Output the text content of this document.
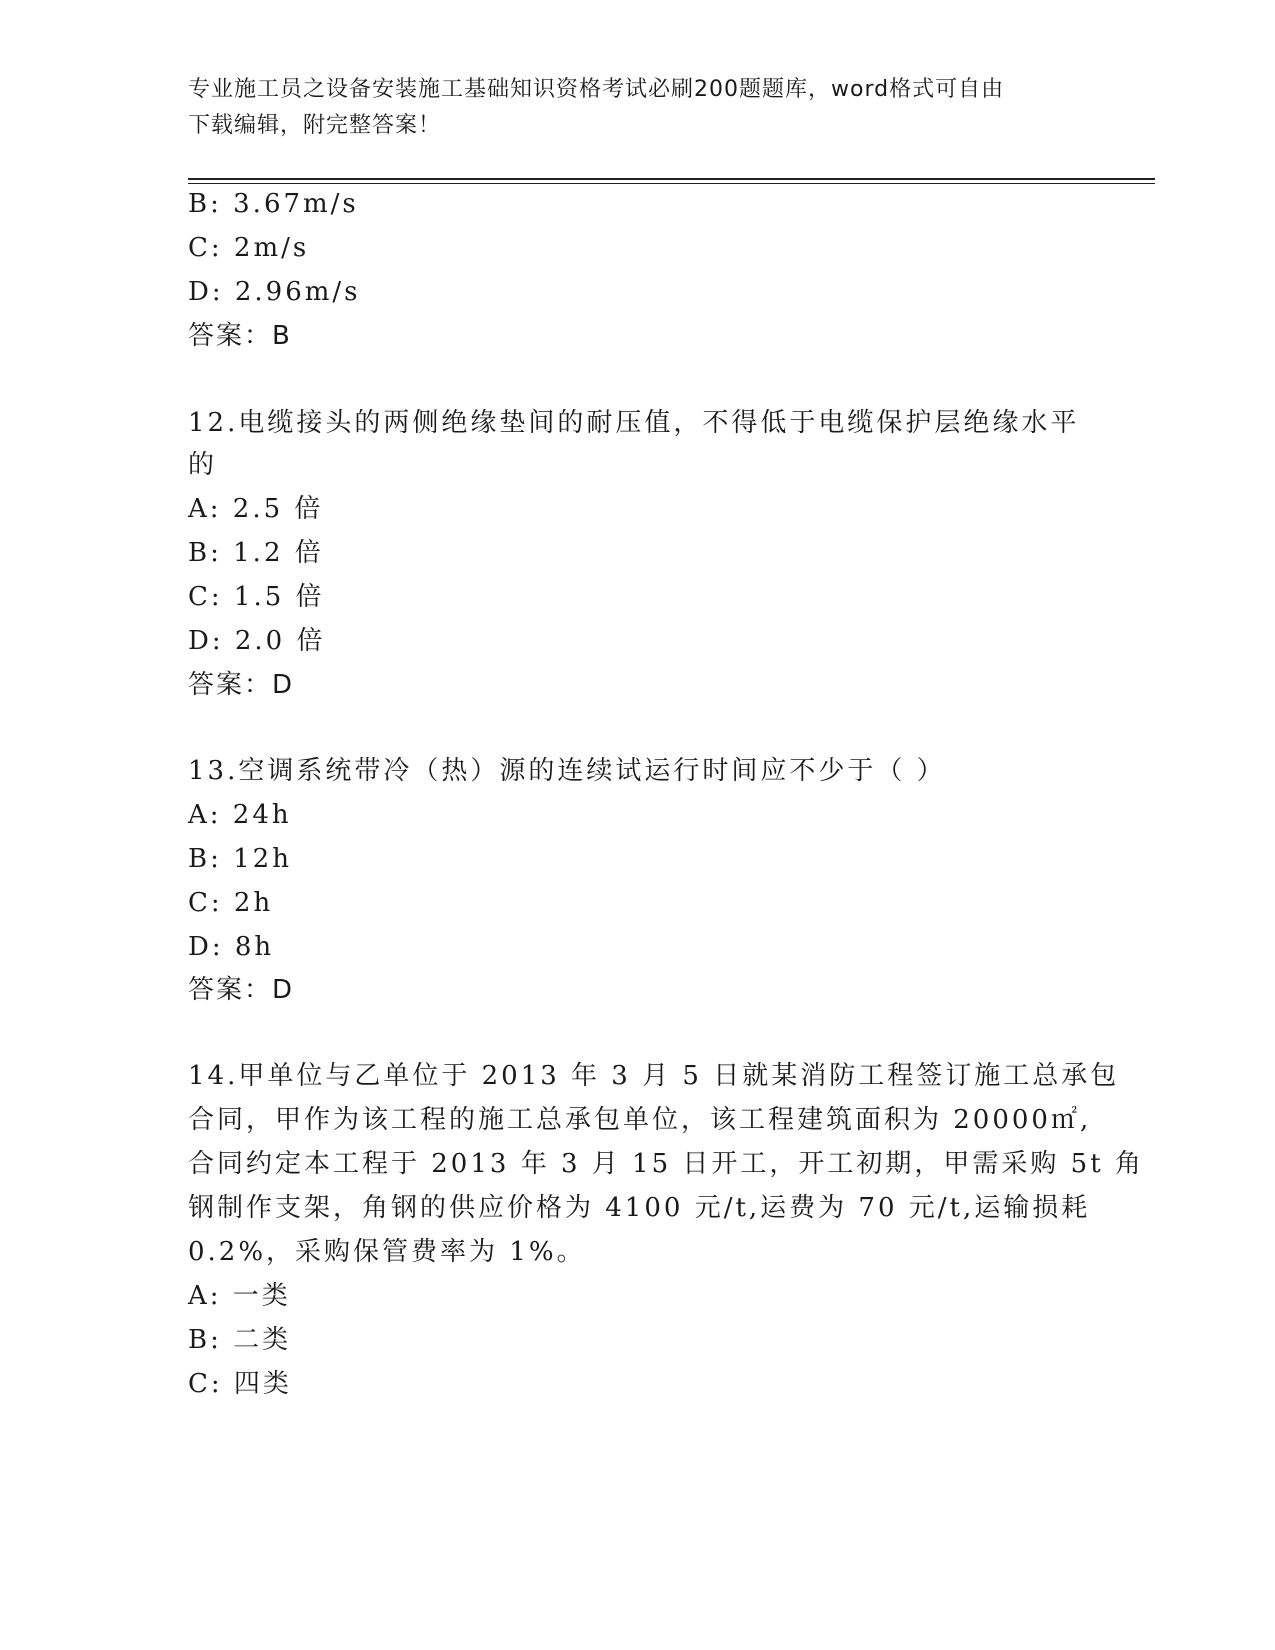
专业施工员之设备安装施工基础知识资格考试必刷200题题库，word格式可自由
下载编辑，附完整答案！
B: 3.67m/s
C: 2m/s
D: 2.96m/s
答案：B
12.电缆接头的两侧绝缘垫间的耐压值，不得低于电缆保护层绝缘水平
的
A: 2.5 倍
B: 1.2 倍
C: 1.5 倍
D: 2.0 倍
答案：D
13.空调系统带冷（热）源的连续试运行时间应不少于（ ）
A: 24h
B: 12h
C: 2h
D: 8h
答案：D
14.甲单位与乙单位于 2013 年 3 月 5 日就某消防工程签订施工总承包
合同，甲作为该工程的施工总承包单位，该工程建筑面积为 20000㎡,
合同约定本工程于 2013 年 3 月 15 日开工，开工初期，甲需采购 5t 角
钢制作支架，角钢的供应价格为 4100 元/t,运费为 70 元/t,运输损耗
0.2%，采购保管费率为 1%。
A: 一类
B: 二类
C: 四类
